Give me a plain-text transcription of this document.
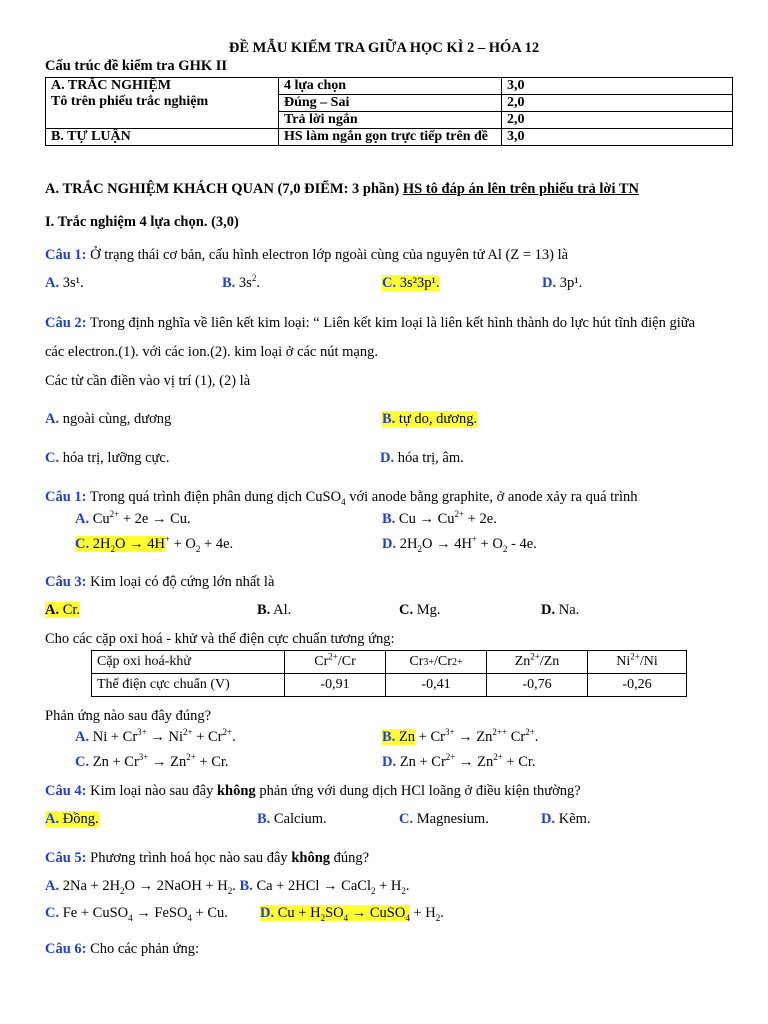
ĐỀ MẪU KIỂM TRA GIỮA HỌC KÌ 2 – HÓA 12
Cấu trúc đề kiểm tra GHK II
A. TRẮC NGHIỆM
Tô trên phiếu trắc nghiệm	4 lựa chọn	3,0
	Đúng – Sai	2,0
	Trả lời ngắn	2,0
B. TỰ LUẬN	HS làm ngắn gọn trực tiếp trên đề	3,0
A. TRẮC NGHIỆM KHÁCH QUAN (7,0 ĐIỂM: 3 phần) HS tô đáp án lên trên phiếu trả lời TN
I. Trắc nghiệm 4 lựa chọn. (3,0)
Câu 1: Ở trạng thái cơ bản, cấu hình electron lớp ngoài cùng của nguyên tử Al (Z = 13) là
A. 3s¹.	B. $3s^2$.	C. 3s²3p¹.	D. 3p¹.
Câu 2: Trong định nghĩa về liên kết kim loại: “ Liên kết kim loại là liên kết hình thành do lực hút tĩnh điện giữa
các electron.(1). với các ion.(2). kim loại ở các nút mạng.
Các từ cần điền vào vị trí (1), (2) là
A. ngoài cùng, dương	B. tự do, dương.
C. hóa trị, lưỡng cực.	D. hóa trị, âm.
Câu 1: Trong quá trình điện phân dung dịch CuSO$_4$ với anode bằng graphite, ở anode xảy ra quá trình
A. $Cu^{2+} + 2e \to Cu$.	B. $Cu \to Cu^{2+} + 2e$.
C. $2H_2O \to 4H^+ + O_2 + 4e$.	D. $2H_2O \to 4H^+ + O_2 - 4e$.
Câu 3: Kim loại có độ cứng lớn nhất là
A. Cr.	B. Al.	C. Mg.	D. Na.
Cho các cặp oxi hoá - khử và thế điện cực chuẩn tương ứng:
Cặp oxi hoá-khử	$Cr^{2+}/Cr$	Cr3+/Cr2+	$Zn^{2+}/Zn$	$Ni^{2+}/Ni$
Thế điện cực chuẩn (V)	-0,91	-0,41	-0,76	-0,26
Phản ứng nào sau đây đúng?
A. $Ni + Cr^{3+} \to Ni^{2+} + Cr^{2+}$.	B. $Zn + Cr^{3+} \to Zn^{2++}$ $Cr^{2+}$.
C. $Zn + Cr^{3+} \to Zn^{2+} + Cr$.	D. $Zn + Cr^{2+} \to Zn^{2+} + Cr$.
Câu 4: Kim loại nào sau đây không phản ứng với dung dịch HCl loãng ở điều kiện thường?
A. Đồng.	B. Calcium.	C. Magnesium.	D. Kẽm.
Câu 5: Phương trình hoá học nào sau đây không đúng?
A. $2Na + 2H_2O$ → 2NaOH + $H_2$. B. Ca + 2HCl → CaCl$_2$ + $H_2$.
C. Fe + CuSO$_4$ → FeSO$_4$ + Cu. D. $Cu + H_2SO_4$ → CuSO$_4$ + $H_2$.
Câu 6: Cho các phản ứng:
